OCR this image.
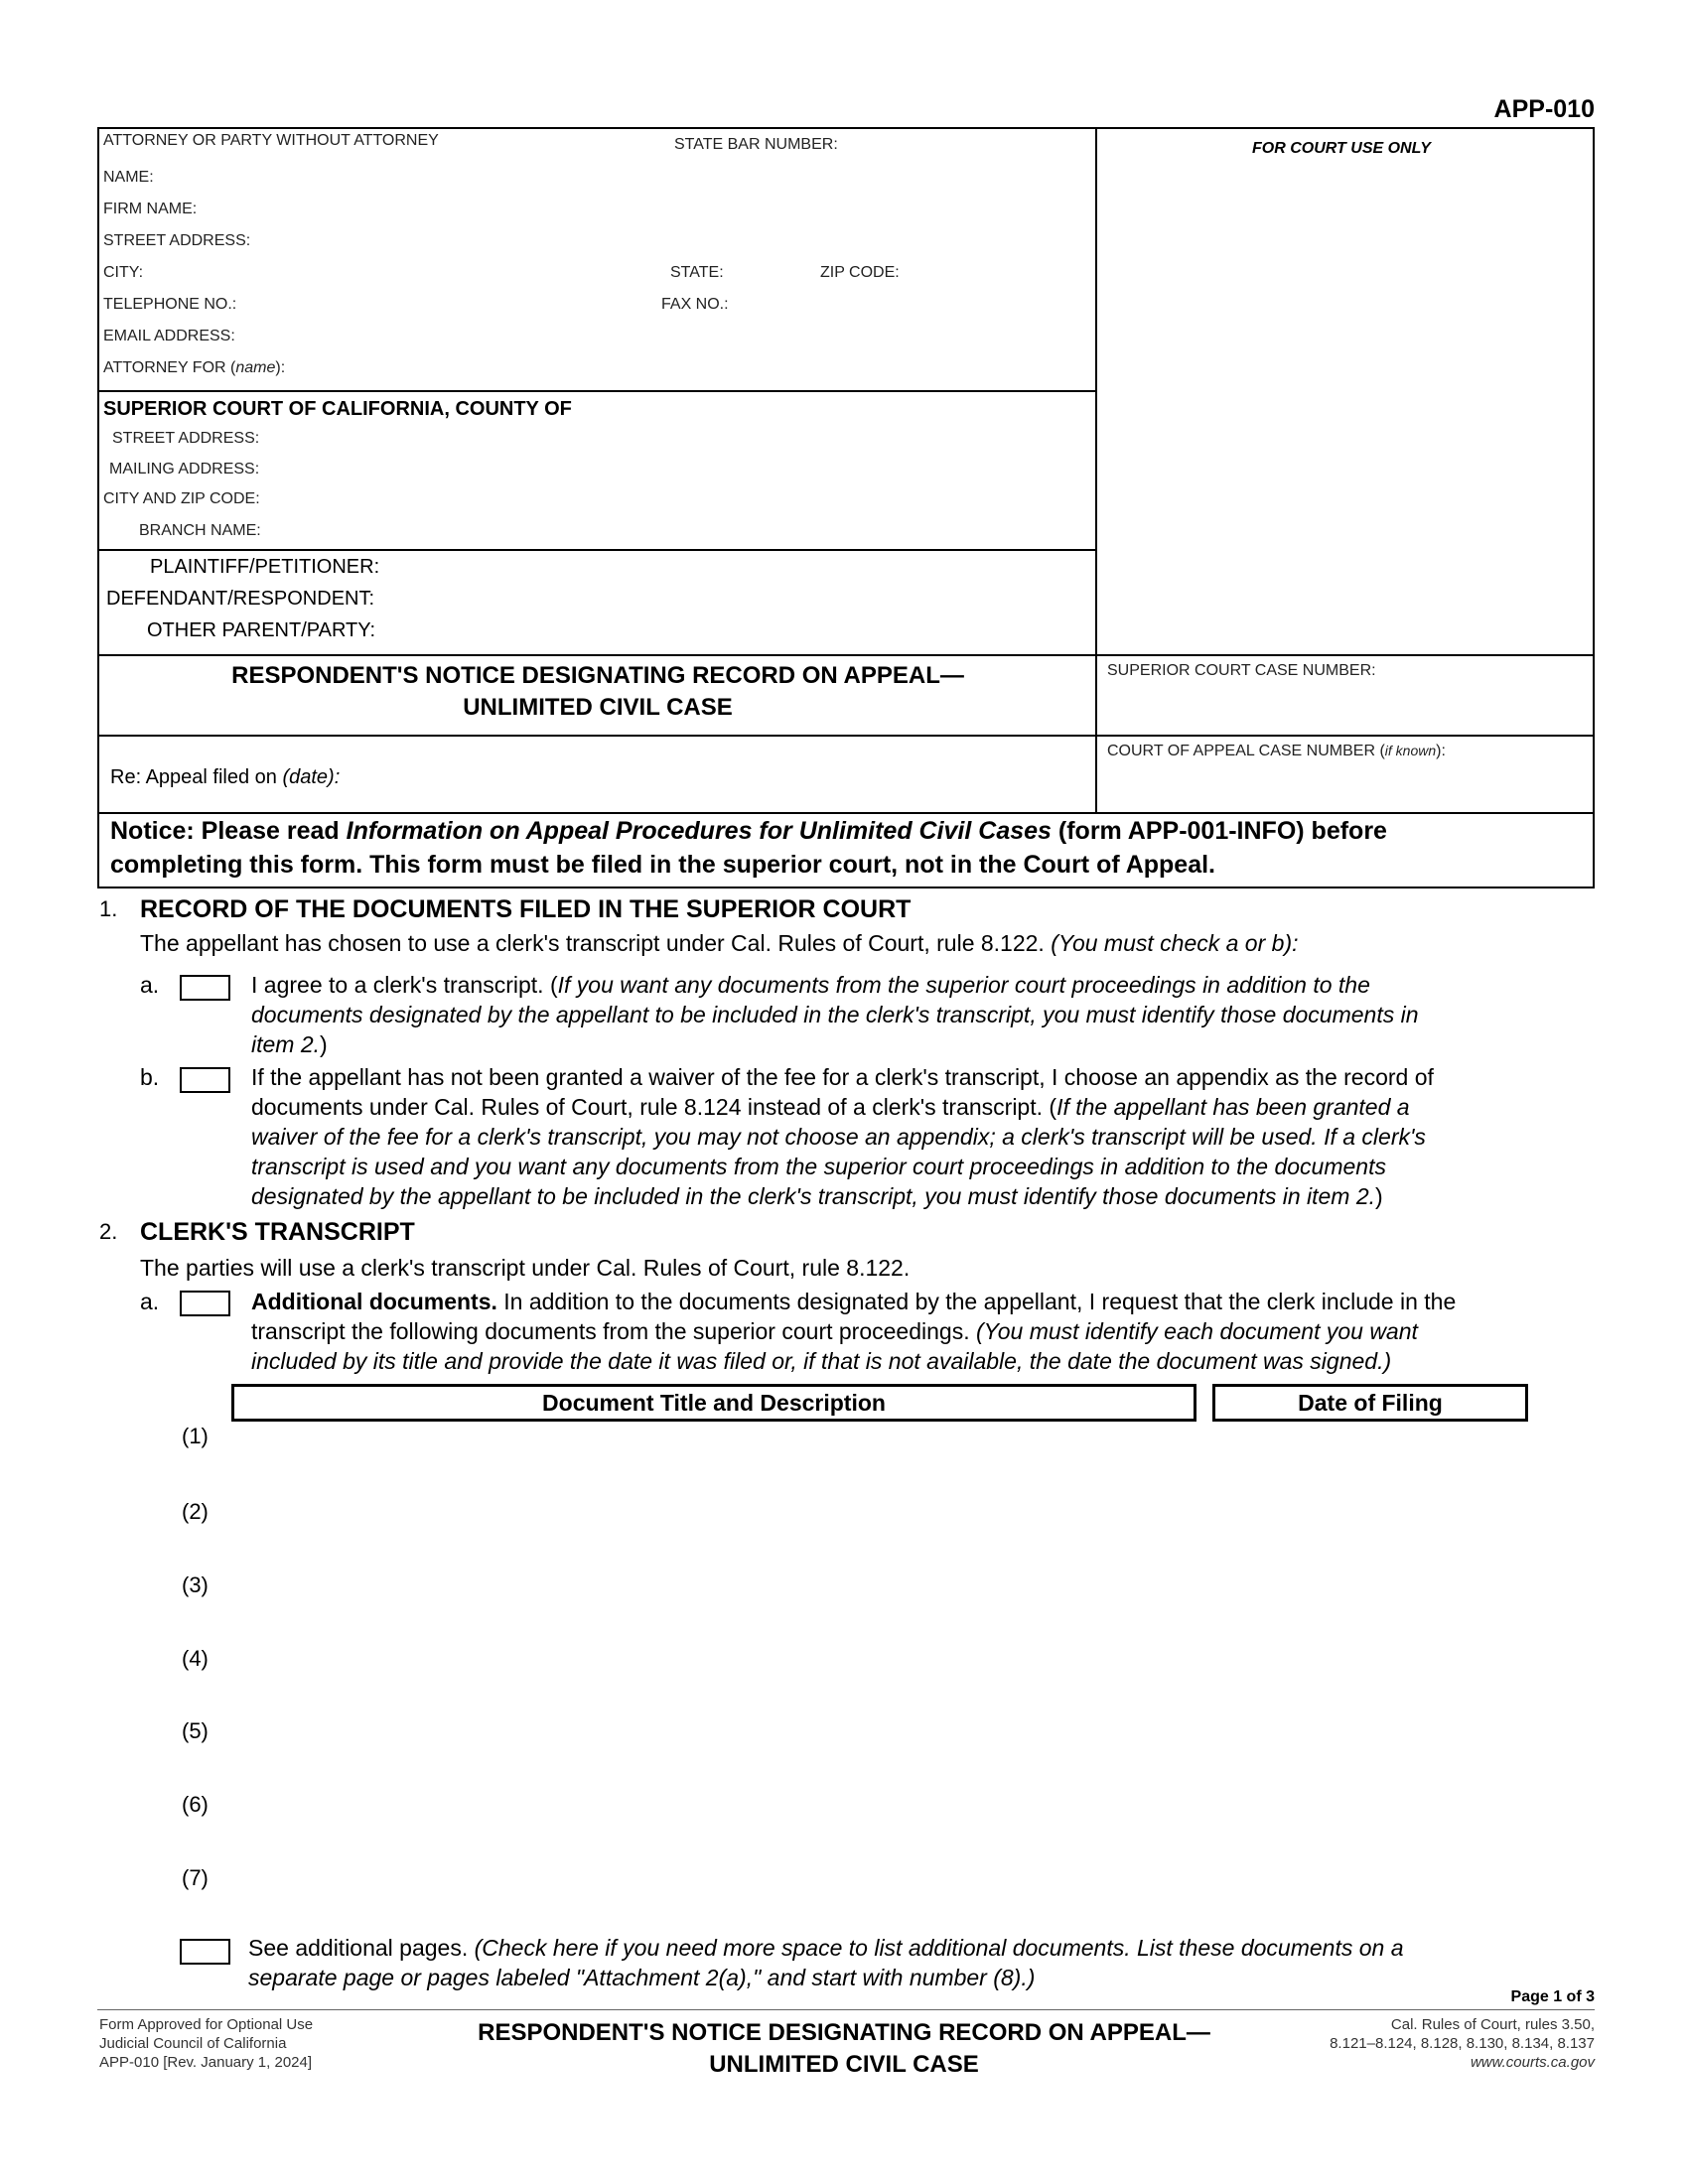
APP-010
ATTORNEY OR PARTY WITHOUT ATTORNEY	STATE BAR NUMBER:
NAME:
FIRM NAME:
STREET ADDRESS:
CITY:	STATE:	ZIP CODE:
TELEPHONE NO.:	FAX NO.:
EMAIL ADDRESS:
ATTORNEY FOR (name):
FOR COURT USE ONLY
SUPERIOR COURT OF CALIFORNIA, COUNTY OF
STREET ADDRESS:
MAILING ADDRESS:
CITY AND ZIP CODE:
BRANCH NAME:
PLAINTIFF/PETITIONER:
DEFENDANT/RESPONDENT:
OTHER PARENT/PARTY:
RESPONDENT'S NOTICE DESIGNATING RECORD ON APPEAL—
UNLIMITED CIVIL CASE
SUPERIOR COURT CASE NUMBER:
COURT OF APPEAL CASE NUMBER (if known):
Re: Appeal filed on (date):
Notice: Please read Information on Appeal Procedures for Unlimited Civil Cases (form APP-001-INFO) before
completing this form. This form must be filed in the superior court, not in the Court of Appeal.
1. RECORD OF THE DOCUMENTS FILED IN THE SUPERIOR COURT
The appellant has chosen to use a clerk's transcript under Cal. Rules of Court, rule 8.122. (You must check a or b):
a.	I agree to a clerk's transcript. (If you want any documents from the superior court proceedings in addition to the
documents designated by the appellant to be included in the clerk's transcript, you must identify those documents in
item 2.)
b.	If the appellant has not been granted a waiver of the fee for a clerk's transcript, I choose an appendix as the record of
documents under Cal. Rules of Court, rule 8.124 instead of a clerk's transcript. (If the appellant has been granted a
waiver of the fee for a clerk's transcript, you may not choose an appendix; a clerk's transcript will be used. If a clerk's
transcript is used and you want any documents from the superior court proceedings in addition to the documents
designated by the appellant to be included in the clerk's transcript, you must identify those documents in item 2.)
2. CLERK'S TRANSCRIPT
The parties will use a clerk's transcript under Cal. Rules of Court, rule 8.122.
a.	Additional documents. In addition to the documents designated by the appellant, I request that the clerk include in the
transcript the following documents from the superior court proceedings. (You must identify each document you want
included by its title and provide the date it was filed or, if that is not available, the date the document was signed.)
Document Title and Description	Date of Filing
(1)
(2)
(3)
(4)
(5)
(6)
(7)
See additional pages. (Check here if you need more space to list additional documents. List these documents on a
separate page or pages labeled "Attachment 2(a)," and start with number (8).)
Page 1 of 3
Form Approved for Optional Use
Judicial Council of California
APP-010 [Rev. January 1, 2024]
RESPONDENT'S NOTICE DESIGNATING RECORD ON APPEAL—
UNLIMITED CIVIL CASE
Cal. Rules of Court, rules 3.50,
8.121–8.124, 8.128, 8.130, 8.134, 8.137
www.courts.ca.gov
